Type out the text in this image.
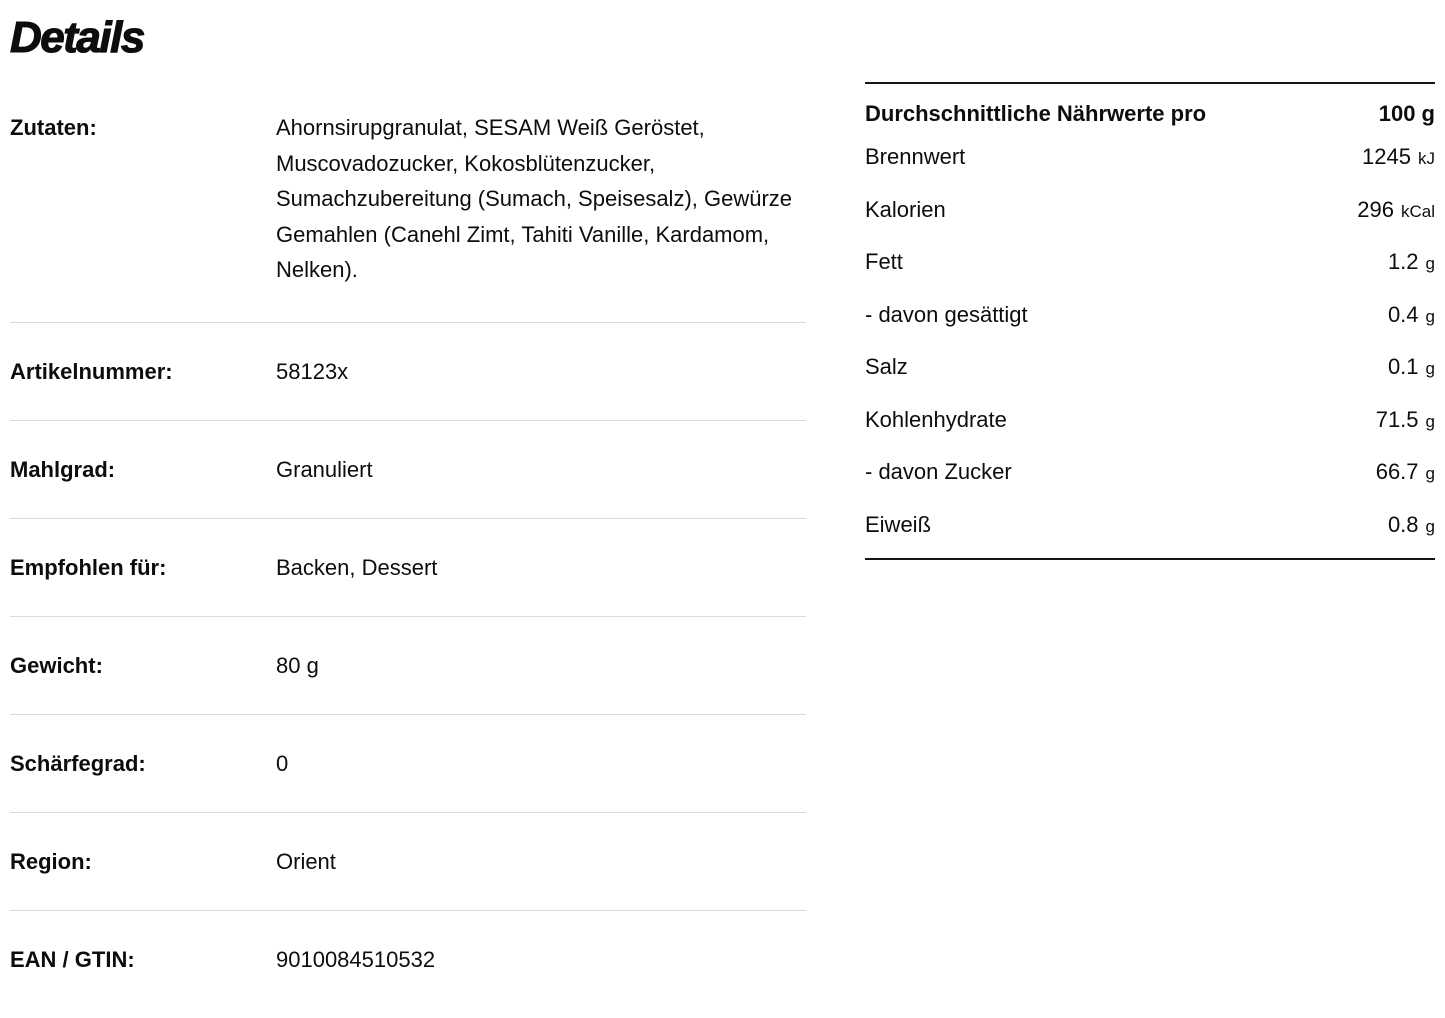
Details
Zutaten:	Ahornsirupgranulat, SESAM Weiß Geröstet, Muscovadozucker, Kokosblütenzucker, Sumachzubereitung (Sumach, Speisesalz), Gewürze Gemahlen (Canehl Zimt, Tahiti Vanille, Kardamom, Nelken).
Artikelnummer:	58123x
Mahlgrad:	Granuliert
Empfohlen für:	Backen, Dessert
Gewicht:	80 g
Schärfegrad:	0
Region:	Orient
EAN / GTIN:	9010084510532
Durchschnittliche Nährwerte pro	100 g
Brennwert	1245 kJ
Kalorien	296 kCal
Fett	1.2 g
- davon gesättigt	0.4 g
Salz	0.1 g
Kohlenhydrate	71.5 g
- davon Zucker	66.7 g
Eiweiß	0.8 g
